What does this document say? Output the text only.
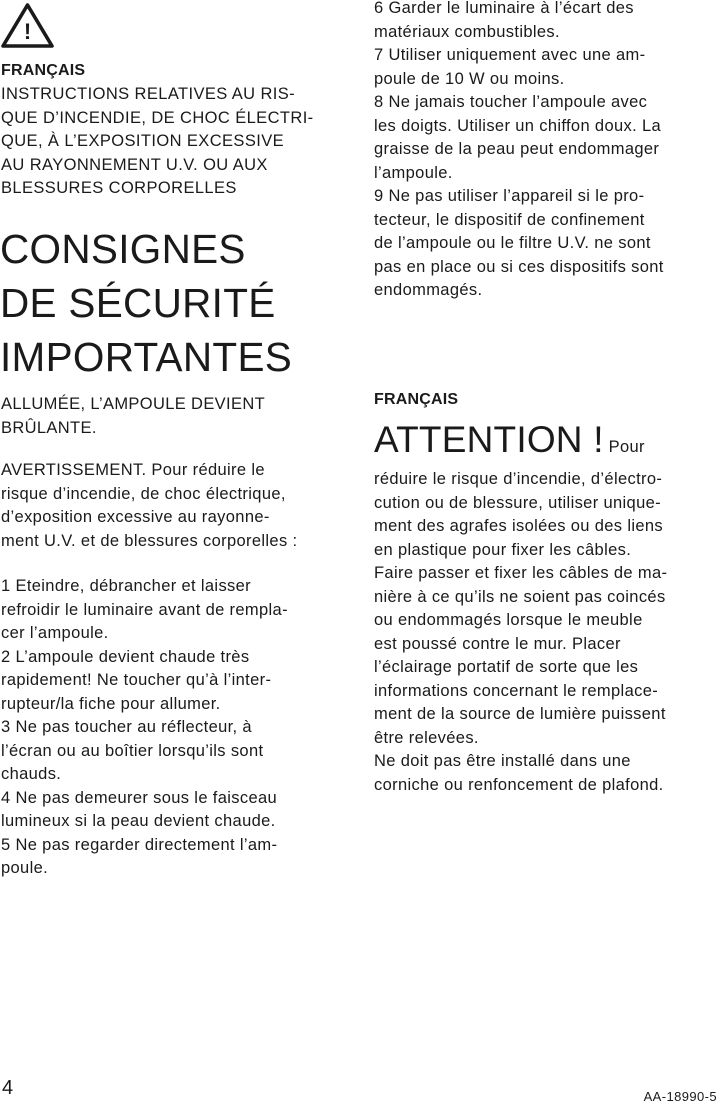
!
FRANÇAIS
INSTRUCTIONS RELATIVES AU RIS-
QUE D’INCENDIE, DE CHOC ÉLECTRI-
QUE, À L’EXPOSITION EXCESSIVE
AU RAYONNEMENT U.V. OU AUX
BLESSURES CORPORELLES
CONSIGNES
DE SÉCURITÉ
IMPORTANTES
ALLUMÉE, L’AMPOULE DEVIENT
BRÛLANTE.
AVERTISSEMENT. Pour réduire le
risque d’incendie, de choc électrique,
d’exposition excessive au rayonne-
ment U.V. et de blessures corporelles :
1 Eteindre, débrancher et laisser
refroidir le luminaire avant de rempla-
cer l’ampoule.
2 L’ampoule devient chaude très
rapidement! Ne toucher qu’à l’inter-
rupteur/la fiche pour allumer.
3 Ne pas toucher au réflecteur, à
l’écran ou au boîtier lorsqu’ils sont
chauds.
4 Ne pas demeurer sous le faisceau
lumineux si la peau devient chaude.
5 Ne pas regarder directement l’am-
poule.
6 Garder le luminaire à l’écart des
matériaux combustibles.
7 Utiliser uniquement avec une am-
poule de 10 W ou moins.
8 Ne jamais toucher l’ampoule avec
les doigts. Utiliser un chiffon doux. La
graisse de la peau peut endommager
l’ampoule.
9 Ne pas utiliser l’appareil si le pro-
tecteur, le dispositif de confinement
de l’ampoule ou le filtre U.V. ne sont
pas en place ou si ces dispositifs sont
endommagés.
FRANÇAIS
ATTENTION ! Pour
réduire le risque d’incendie, d’électro-
cution ou de blessure, utiliser unique-
ment des agrafes isolées ou des liens
en plastique pour fixer les câbles.
Faire passer et fixer les câbles de ma-
nière à ce qu’ils ne soient pas coincés
ou endommagés lorsque le meuble
est poussé contre le mur. Placer
l’éclairage portatif de sorte que les
informations concernant le remplace-
ment de la source de lumière puissent
être relevées.
Ne doit pas être installé dans une
corniche ou renfoncement de plafond.
4	AA-18990-5
